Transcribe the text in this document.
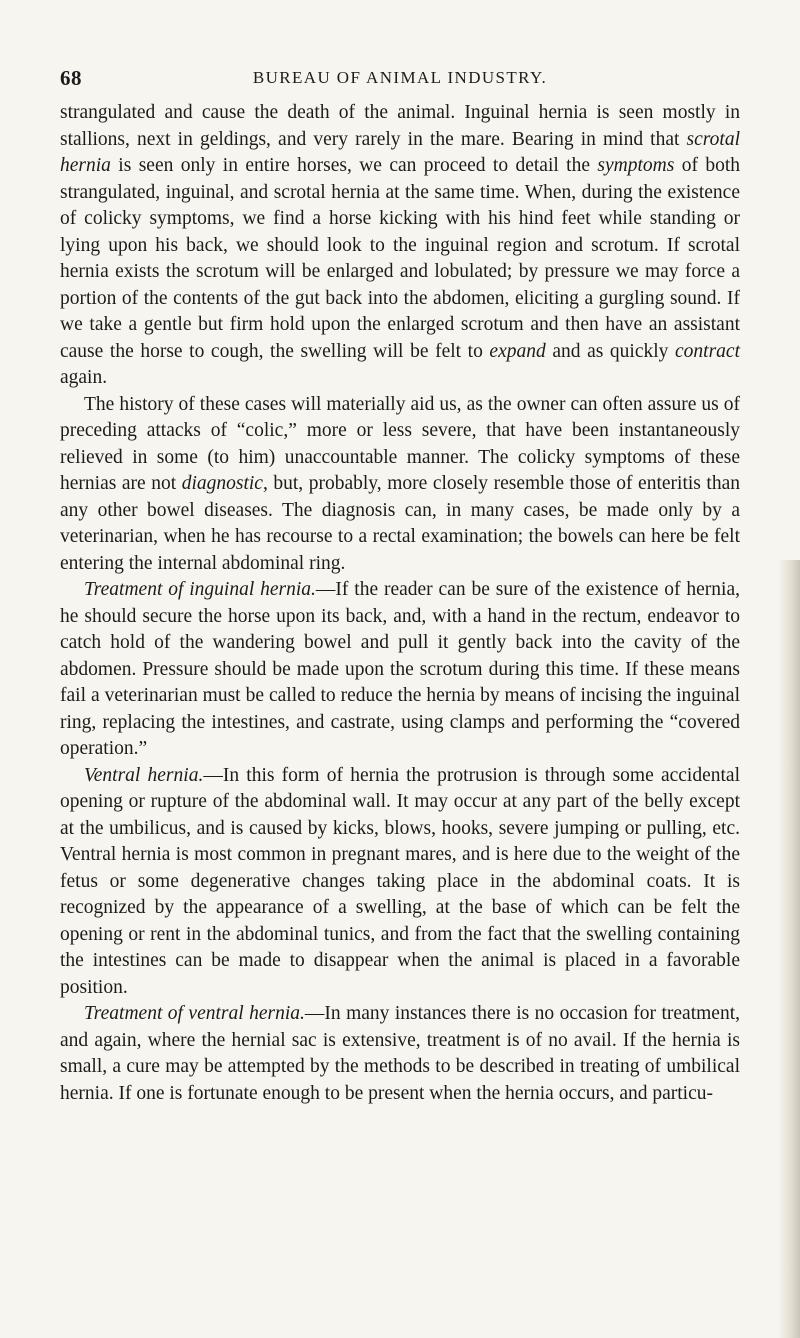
68	BUREAU OF ANIMAL INDUSTRY.

strangulated and cause the death of the animal. Inguinal hernia is seen mostly in stallions, next in geldings, and very rarely in the mare. Bearing in mind that scrotal hernia is seen only in entire horses, we can proceed to detail the symptoms of both strangulated, inguinal, and scrotal hernia at the same time. When, during the existence of colicky symptoms, we find a horse kicking with his hind feet while standing or lying upon his back, we should look to the inguinal region and scrotum. If scrotal hernia exists the scrotum will be enlarged and lobulated; by pressure we may force a portion of the contents of the gut back into the abdomen, eliciting a gurgling sound. If we take a gentle but firm hold upon the enlarged scrotum and then have an assistant cause the horse to cough, the swelling will be felt to expand and as quickly contract again.

The history of these cases will materially aid us, as the owner can often assure us of preceding attacks of “colic,” more or less severe, that have been instantaneously relieved in some (to him) unaccountable manner. The colicky symptoms of these hernias are not diagnostic, but, probably, more closely resemble those of enteritis than any other bowel diseases. The diagnosis can, in many cases, be made only by a veterinarian, when he has recourse to a rectal examination; the bowels can here be felt entering the internal abdominal ring.

Treatment of inguinal hernia.—If the reader can be sure of the existence of hernia, he should secure the horse upon its back, and, with a hand in the rectum, endeavor to catch hold of the wandering bowel and pull it gently back into the cavity of the abdomen. Pressure should be made upon the scrotum during this time. If these means fail a veterinarian must be called to reduce the hernia by means of incising the inguinal ring, replacing the intestines, and castrate, using clamps and performing the “covered operation.”

Ventral hernia.—In this form of hernia the protrusion is through some accidental opening or rupture of the abdominal wall. It may occur at any part of the belly except at the umbilicus, and is caused by kicks, blows, hooks, severe jumping or pulling, etc. Ventral hernia is most common in pregnant mares, and is here due to the weight of the fetus or some degenerative changes taking place in the abdominal coats. It is recognized by the appearance of a swelling, at the base of which can be felt the opening or rent in the abdominal tunics, and from the fact that the swelling containing the intestines can be made to disappear when the animal is placed in a favorable position.

Treatment of ventral hernia.—In many instances there is no occasion for treatment, and again, where the hernial sac is extensive, treatment is of no avail. If the hernia is small, a cure may be attempted by the methods to be described in treating of umbilical hernia. If one is fortunate enough to be present when the hernia occurs, and particu-
